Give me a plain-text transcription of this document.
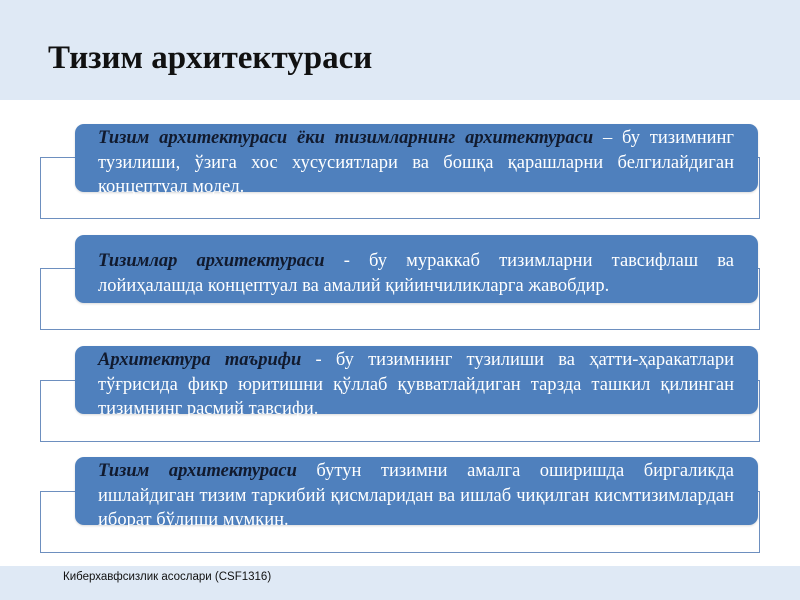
Тизим архитектураси

Тизим архитектураси ёки тизимларнинг архитектураси – бу тизимнинг тузилиши, ўзига хос хусусиятлари ва бошқа қарашларни белгилайдиган концептуал модел.

Тизимлар архитектураси - бу мураккаб тизимларни тавсифлаш ва лойиҳалашда концептуал ва амалий қийинчиликларга жавобдир.

Архитектура таърифи - бу тизимнинг тузилиши ва ҳатти-ҳаракатлари тўғрисида фикр юритишни қўллаб қувватлайдиган тарзда ташкил қилинган тизимнинг расмий тавсифи.

Тизим архитектураси бутун тизимни амалга оширишда биргаликда ишлайдиган тизим таркибий қисмларидан ва ишлаб чиқилган кисмтизимлардан иборат бўлиши мумкин.

Киберхавфсизлик асослари (CSF1316)
